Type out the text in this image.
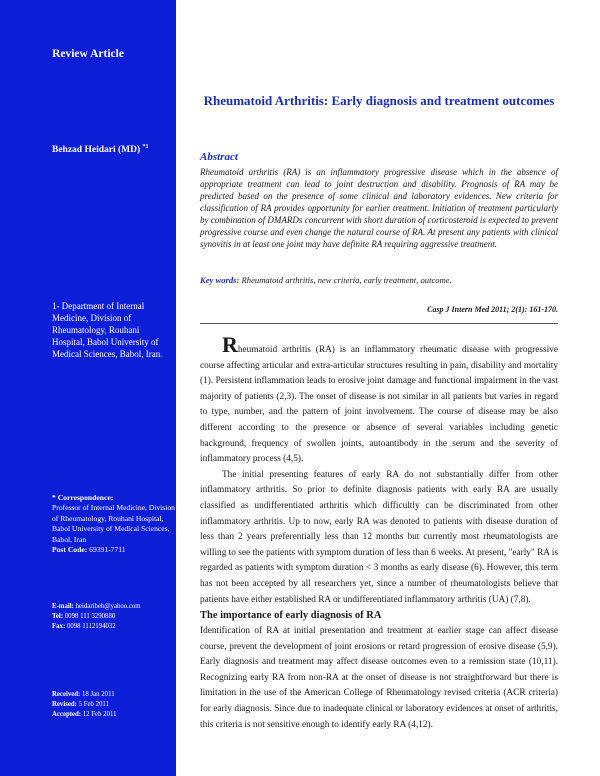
Review Article
Behzad Heidari (MD) $^{*1}$
1- Department of Internal Medicine, Division of Rheumatology, Rouhani Hospital, Babol University of Medical Sciences, Babol, Iran.
* Correspondence:
Professor of Internal Medicine, Division of Rheumatology, Rouhani Hospital, Babol University of Medical Sciences, Babol, Iran
Post Code: 69391-7711
E-mail: heidaribeh@yahoo.com
Tel: 0098 111 3290880
Fax: 0098 1112194032
Received: 18 Jan 2011
Revised: 5 Feb 2011
Accepted: 12 Feb 2011
Rheumatoid Arthritis: Early diagnosis and treatment outcomes
Abstract
Rheumatoid arthritis (RA) is an inflammatory progressive disease which in the absence of appropriate treatment can lead to joint destruction and disability. Prognosis of RA may be predicted based on the presence of some clinical and laboratory evidences. New criteria for classification of RA provides opportunity for earlier treatment. Initiation of treatment particularly by combination of DMARDs concurrent with short duration of corticosteroid is expected to prevent progressive course and even change the natural course of RA. At present any patients with clinical synovitis in at least one joint may have definite RA requiring aggressive treatment.
Key words: Rheumatoid arthritis, new criteria, early treatment, outcome.
Casp J Intern Med 2011; 2(1): 161-170.

Rheumatoid arthritis (RA) is an inflammatory rheumatic disease with progressive course affecting articular and extra-articular structures resulting in pain, disability and mortality (1). Persistent inflammation leads to erosive joint damage and functional impairment in the vast majority of patients (2,3). The onset of disease is not similar in all patients but varies in regard to type, number, and the pattern of joint involvement. The course of disease may be also different according to the presence or absence of several variables including genetic background, frequency of swollen joints, autoantibody in the serum and the severity of inflammatory process (4,5).

The initial presenting features of early RA do not substantially differ from other inflammatory arthritis. So prior to definite diagnosis patients with early RA are usually classified as undifferentiated arthritis which difficultly can be discriminated from other inflammatory arthritis. Up to now, early RA was denoted to patients with disease duration of less than 2 years preferentially less than 12 months but currently most rheumatologists are willing to see the patients with symptom duration of less than 6 weeks. At present, "early" RA is regarded as patients with symptom duration < 3 months as early disease (6). However, this term has not been accepted by all researchers yet, since a number of rheumatologists believe that patients have either established RA or undifferentiated inflammatory arthritis (UA) (7,8).

The importance of early diagnosis of RA

Identification of RA at initial presentation and treatment at earlier stage can affect disease course, prevent the development of joint erosions or retard progression of erosive disease (5,9). Early diagnosis and treatment may affect disease outcomes even to a remission state (10,11). Recognizing early RA from non-RA at the onset of disease is not straightforward but there is limitation in the use of the American College of Rheumatology revised criteria (ACR criteria) for early diagnosis. Since due to inadequate clinical or laboratory evidences at onset of arthritis, this criteria is not sensitive enough to identify early RA (4,12).
